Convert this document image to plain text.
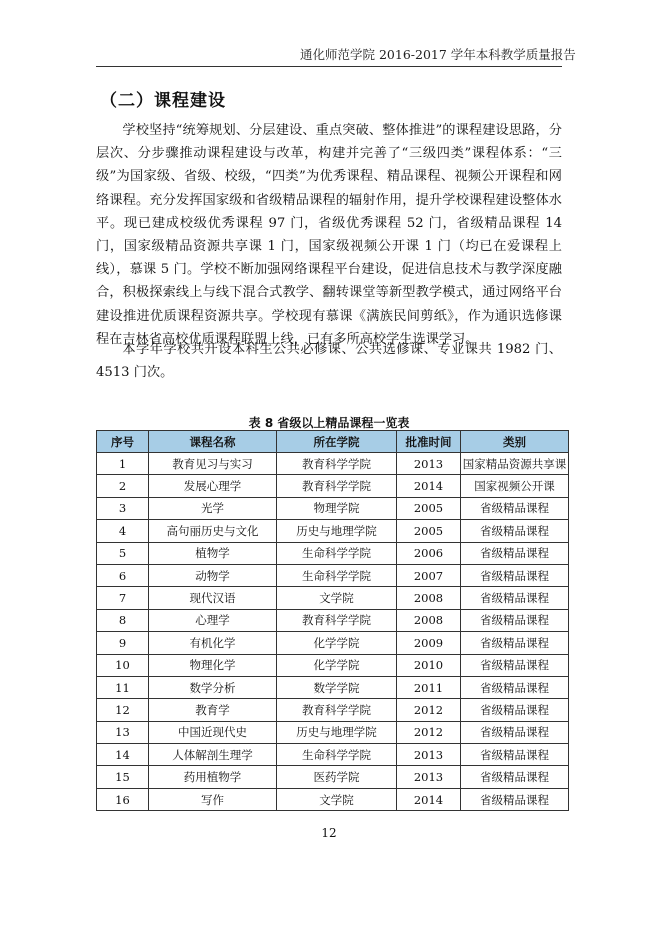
通化师范学院 2016-2017 学年本科教学质量报告
（二）课程建设

学校坚持“统筹规划、分层建设、重点突破、整体推进”的课程建设思路，分层次、分步骤推动课程建设与改革，构建并完善了“三级四类”课程体系：“三级”为国家级、省级、校级，“四类”为优秀课程、精品课程、视频公开课程和网络课程。充分发挥国家级和省级精品课程的辐射作用，提升学校课程建设整体水平。现已建成校级优秀课程 97 门，省级优秀课程 52 门，省级精品课程 14 门，国家级精品资源共享课 1 门，国家级视频公开课 1 门（均已在爱课程上线），慕课 5 门。学校不断加强网络课程平台建设，促进信息技术与教学深度融合，积极探索线上与线下混合式教学、翻转课堂等新型教学模式，通过网络平台建设推进优质课程资源共享。学校现有慕课《满族民间剪纸》，作为通识选修课程在吉林省高校优质课程联盟上线，已有多所高校学生选课学习。

本学年学校共开设本科生公共必修课、公共选修课、专业课共 1982 门、4513 门次。

表 8 省级以上精品课程一览表
序号	课程名称	所在学院	批准时间	类别
1	教育见习与实习	教育科学学院	2013	国家精品资源共享课
2	发展心理学	教育科学学院	2014	国家视频公开课
3	光学	物理学院	2005	省级精品课程
4	高句丽历史与文化	历史与地理学院	2005	省级精品课程
5	植物学	生命科学学院	2006	省级精品课程
6	动物学	生命科学学院	2007	省级精品课程
7	现代汉语	文学院	2008	省级精品课程
8	心理学	教育科学学院	2008	省级精品课程
9	有机化学	化学学院	2009	省级精品课程
10	物理化学	化学学院	2010	省级精品课程
11	数学分析	数学学院	2011	省级精品课程
12	教育学	教育科学学院	2012	省级精品课程
13	中国近现代史	历史与地理学院	2012	省级精品课程
14	人体解剖生理学	生命科学学院	2013	省级精品课程
15	药用植物学	医药学院	2013	省级精品课程
16	写作	文学院	2014	省级精品课程
12
